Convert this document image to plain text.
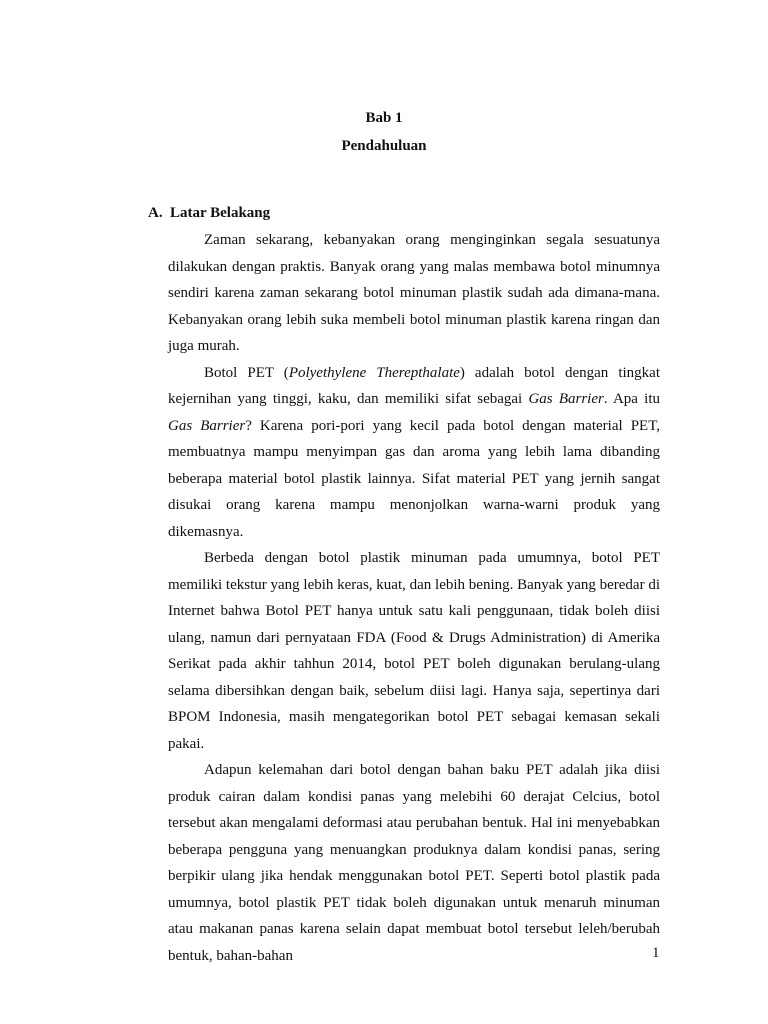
Bab 1
Pendahuluan
A. Latar Belakang

Zaman sekarang, kebanyakan orang menginginkan segala sesuatunya dilakukan dengan praktis. Banyak orang yang malas membawa botol minumnya sendiri karena zaman sekarang botol minuman plastik sudah ada dimana-mana. Kebanyakan orang lebih suka membeli botol minuman plastik karena ringan dan juga murah.

Botol PET (Polyethylene Therepthalate) adalah botol dengan tingkat kejernihan yang tinggi, kaku, dan memiliki sifat sebagai Gas Barrier. Apa itu Gas Barrier? Karena pori-pori yang kecil pada botol dengan material PET, membuatnya mampu menyimpan gas dan aroma yang lebih lama dibanding beberapa material botol plastik lainnya. Sifat material PET yang jernih sangat disukai orang karena mampu menonjolkan warna-warni produk yang dikemasnya.

Berbeda dengan botol plastik minuman pada umumnya, botol PET memiliki tekstur yang lebih keras, kuat, dan lebih bening. Banyak yang beredar di Internet bahwa Botol PET hanya untuk satu kali penggunaan, tidak boleh diisi ulang, namun dari pernyataan FDA (Food & Drugs Administration) di Amerika Serikat pada akhir tahhun 2014, botol PET boleh digunakan berulang-ulang selama dibersihkan dengan baik, sebelum diisi lagi. Hanya saja, sepertinya dari BPOM Indonesia, masih mengategorikan botol PET sebagai kemasan sekali pakai.

Adapun kelemahan dari botol dengan bahan baku PET adalah jika diisi produk cairan dalam kondisi panas yang melebihi 60 derajat Celcius, botol tersebut akan mengalami deformasi atau perubahan bentuk. Hal ini menyebabkan beberapa pengguna yang menuangkan produknya dalam kondisi panas, sering berpikir ulang jika hendak menggunakan botol PET. Seperti botol plastik pada umumnya, botol plastik PET tidak boleh digunakan untuk menaruh minuman atau makanan panas karena selain dapat membuat botol tersebut leleh/berubah bentuk, bahan-bahan	1
